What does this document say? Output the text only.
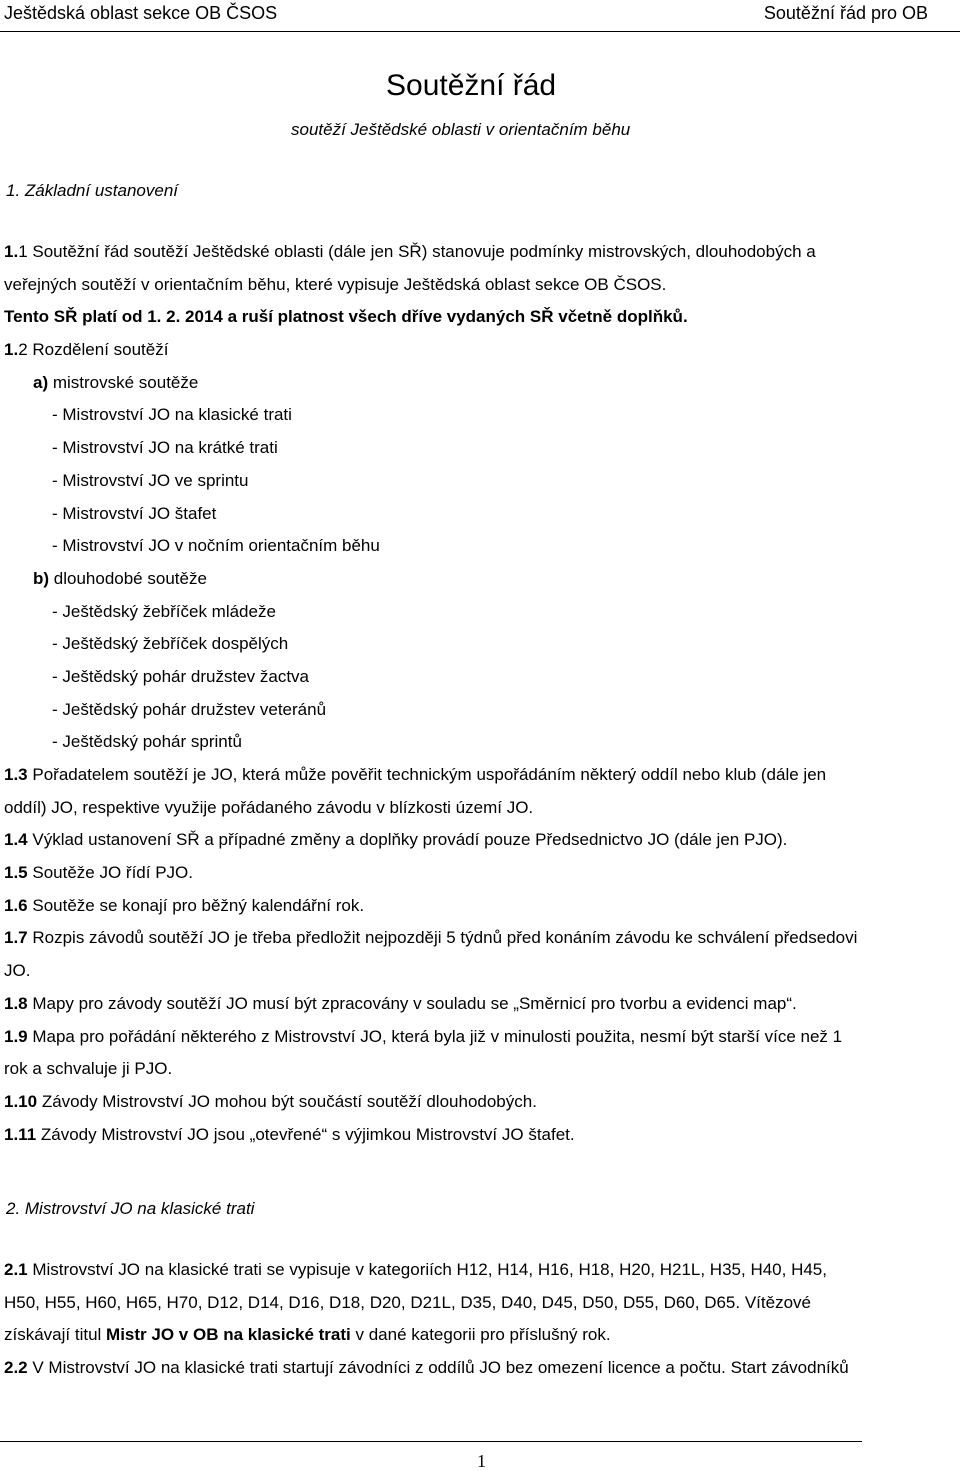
Ještědská oblast sekce OB ČSOS	Soutěžní řád pro OB
Soutěžní řád
soutěží Ještědské oblasti v orientačním běhu
1. Základní ustanovení
1.1 Soutěžní řád soutěží Ještědské oblasti (dále jen SŘ) stanovuje podmínky mistrovských, dlouhodobých a
veřejných soutěží v orientačním běhu, které vypisuje Ještědská oblast sekce OB ČSOS.
Tento SŘ platí od 1. 2. 2014 a ruší platnost všech dříve vydaných SŘ včetně doplňků.
1.2 Rozdělení soutěží
a) mistrovské soutěže
- Mistrovství JO na klasické trati
- Mistrovství JO na krátké trati
- Mistrovství JO ve sprintu
- Mistrovství JO štafet
- Mistrovství JO v nočním orientačním běhu
b) dlouhodobé soutěže
- Ještědský žebříček mládeže
- Ještědský žebříček dospělých
- Ještědský pohár družstev žactva
- Ještědský pohár družstev veteránů
- Ještědský pohár sprintů
1.3 Pořadatelem soutěží je JO, která může pověřit technickým uspořádáním některý oddíl nebo klub (dále jen
oddíl) JO, respektive využije pořádaného závodu v blízkosti území JO.
1.4 Výklad ustanovení SŘ a případné změny a doplňky provádí pouze Předsednictvo JO (dále jen PJO).
1.5 Soutěže JO řídí PJO.
1.6 Soutěže se konají pro běžný kalendářní rok.
1.7 Rozpis závodů soutěží JO je třeba předložit nejpozději 5 týdnů před konáním závodu ke schválení předsedovi
JO.
1.8 Mapy pro závody soutěží JO musí být zpracovány v souladu se „Směrnicí pro tvorbu a evidenci map“.
1.9 Mapa pro pořádání některého z Mistrovství JO, která byla již v minulosti použita, nesmí být starší více než 1
rok a schvaluje ji PJO.
1.10 Závody Mistrovství JO mohou být součástí soutěží dlouhodobých.
1.11 Závody Mistrovství JO jsou „otevřené“ s výjimkou Mistrovství JO štafet.
2. Mistrovství JO na klasické trati
2.1 Mistrovství JO na klasické trati se vypisuje v kategoriích H12, H14, H16, H18, H20, H21L, H35, H40, H45,
H50, H55, H60, H65, H70, D12, D14, D16, D18, D20, D21L, D35, D40, D45, D50, D55, D60, D65. Vítězové
získávají titul Mistr JO v OB na klasické trati v dané kategorii pro příslušný rok.
2.2 V Mistrovství JO na klasické trati startují závodníci z oddílů JO bez omezení licence a počtu. Start závodníků
1
